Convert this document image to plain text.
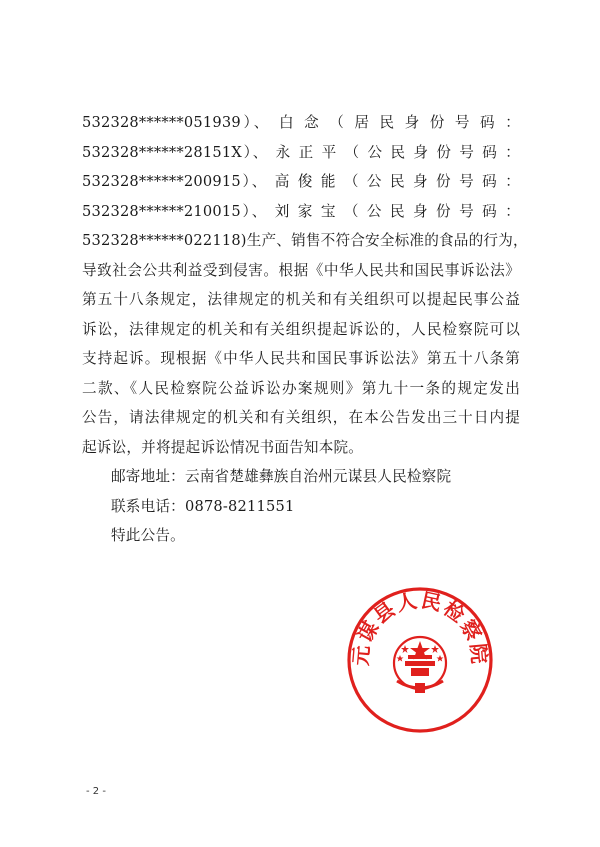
532328******051939）、 白 念 （ 居 民 身 份 号 码 ：
532328******28151X）、 永 正 平 （ 公 民 身 份 号 码 ：
532328******200915）、 高 俊 能 （ 公 民 身 份 号 码 ：
532328******210015）、 刘 家 宝 （ 公 民 身 份 号 码 ：
532328******022118)生产、销售不符合安全标准的食品的行为，
导致社会公共利益受到侵害。根据《中华人民共和国民事诉讼法》
第五十八条规定，法律规定的机关和有关组织可以提起民事公益
诉讼，法律规定的机关和有关组织提起诉讼的，人民检察院可以
支持起诉。现根据《中华人民共和国民事诉讼法》第五十八条第
二款、《人民检察院公益诉讼办案规则》第九十一条的规定发出
公告，请法律规定的机关和有关组织，在本公告发出三十日内提
起诉讼，并将提起诉讼情况书面告知本院。
邮寄地址：云南省楚雄彝族自治州元谋县人民检察院
联系电话：0878-8211551
特此公告。
元谋县人民检察院
- 2 -
